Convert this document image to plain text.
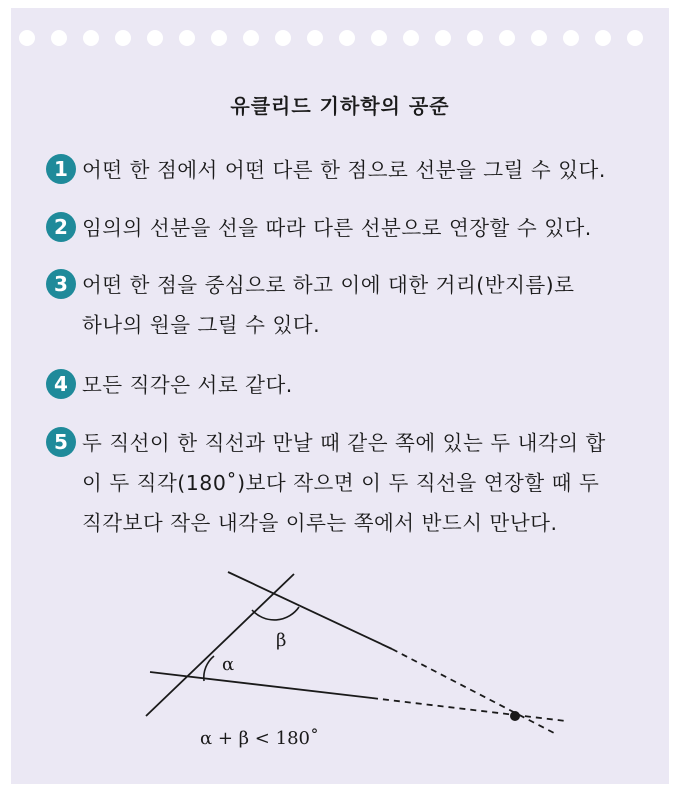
유클리드 기하학의 공준
1 어떤 한 점에서 어떤 다른 한 점으로 선분을 그릴 수 있다.
2 임의의 선분을 선을 따라 다른 선분으로 연장할 수 있다.
3 어떤 한 점을 중심으로 하고 이에 대한 거리(반지름)로
하나의 원을 그릴 수 있다.
4 모든 직각은 서로 같다.
5 두 직선이 한 직선과 만날 때 같은 쪽에 있는 두 내각의 합
이 두 직각(180˚)보다 작으면 이 두 직선을 연장할 때 두
직각보다 작은 내각을 이루는 쪽에서 반드시 만난다.
β
α
α + β < 180˚
